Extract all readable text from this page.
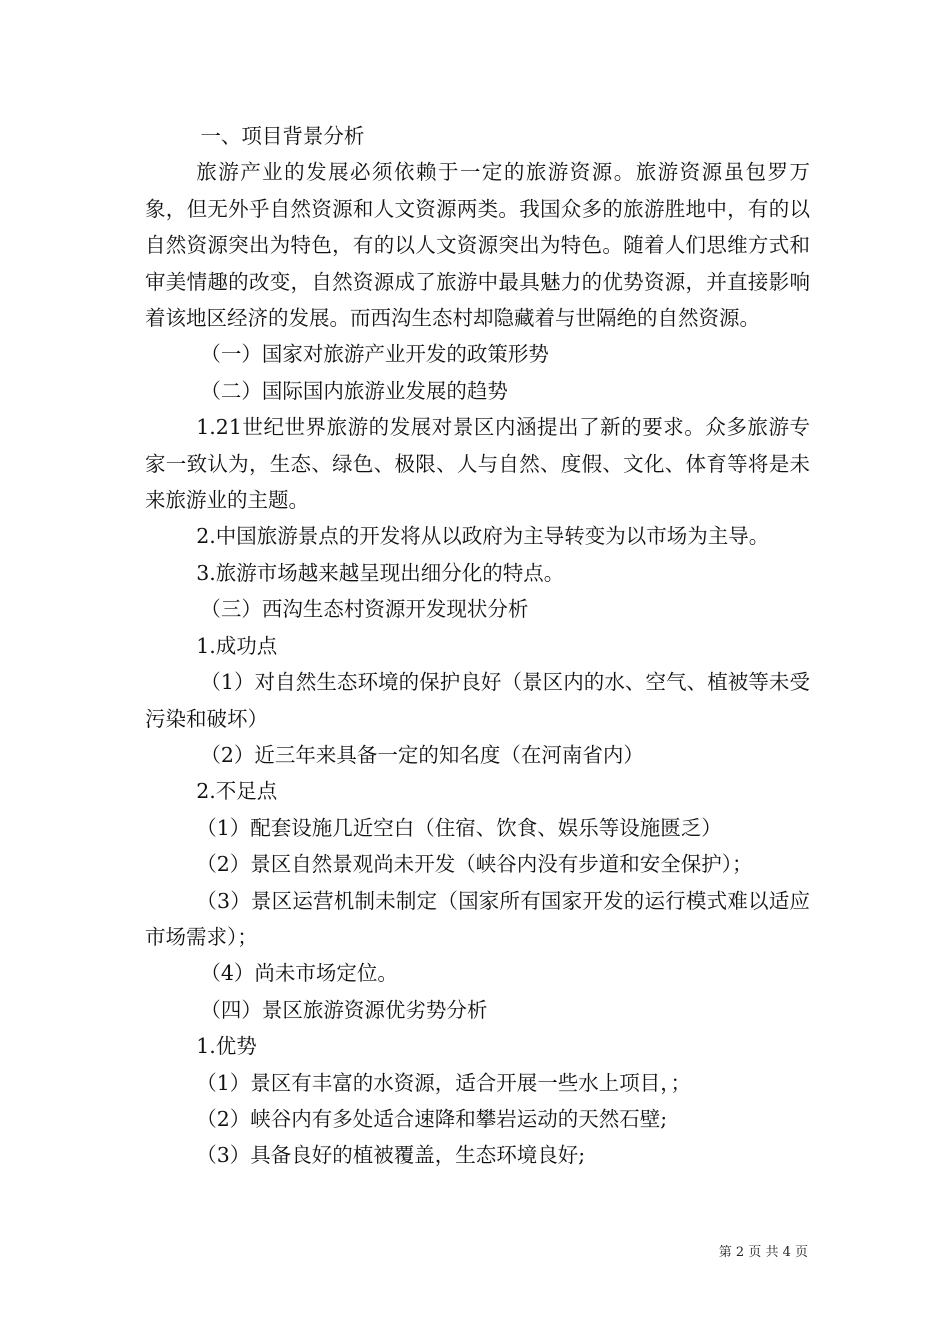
一、项目背景分析

旅游产业的发展必须依赖于一定的旅游资源。旅游资源虽包罗万象，但无外乎自然资源和人文资源两类。我国众多的旅游胜地中，有的以自然资源突出为特色，有的以人文资源突出为特色。随着人们思维方式和审美情趣的改变，自然资源成了旅游中最具魅力的优势资源，并直接影响着该地区经济的发展。而西沟生态村却隐藏着与世隔绝的自然资源。

（一）国家对旅游产业开发的政策形势

（二）国际国内旅游业发展的趋势

1.21世纪世界旅游的发展对景区内涵提出了新的要求。众多旅游专家一致认为，生态、绿色、极限、人与自然、度假、文化、体育等将是未来旅游业的主题。

2.中国旅游景点的开发将从以政府为主导转变为以市场为主导。

3.旅游市场越来越呈现出细分化的特点。

（三）西沟生态村资源开发现状分析

1.成功点

（1）对自然生态环境的保护良好（景区内的水、空气、植被等未受污染和破坏）

（2）近三年来具备一定的知名度（在河南省内）

2.不足点

（1）配套设施几近空白（住宿、饮食、娱乐等设施匮乏）

（2）景区自然景观尚未开发（峡谷内没有步道和安全保护）；

（3）景区运营机制未制定（国家所有国家开发的运行模式难以适应市场需求）；

（4）尚未市场定位。

（四）景区旅游资源优劣势分析

1.优势

（1）景区有丰富的水资源，适合开展一些水上项目，；

（2）峡谷内有多处适合速降和攀岩运动的天然石壁;

（3）具备良好的植被覆盖，生态环境良好;

第 2 页 共 4 页
